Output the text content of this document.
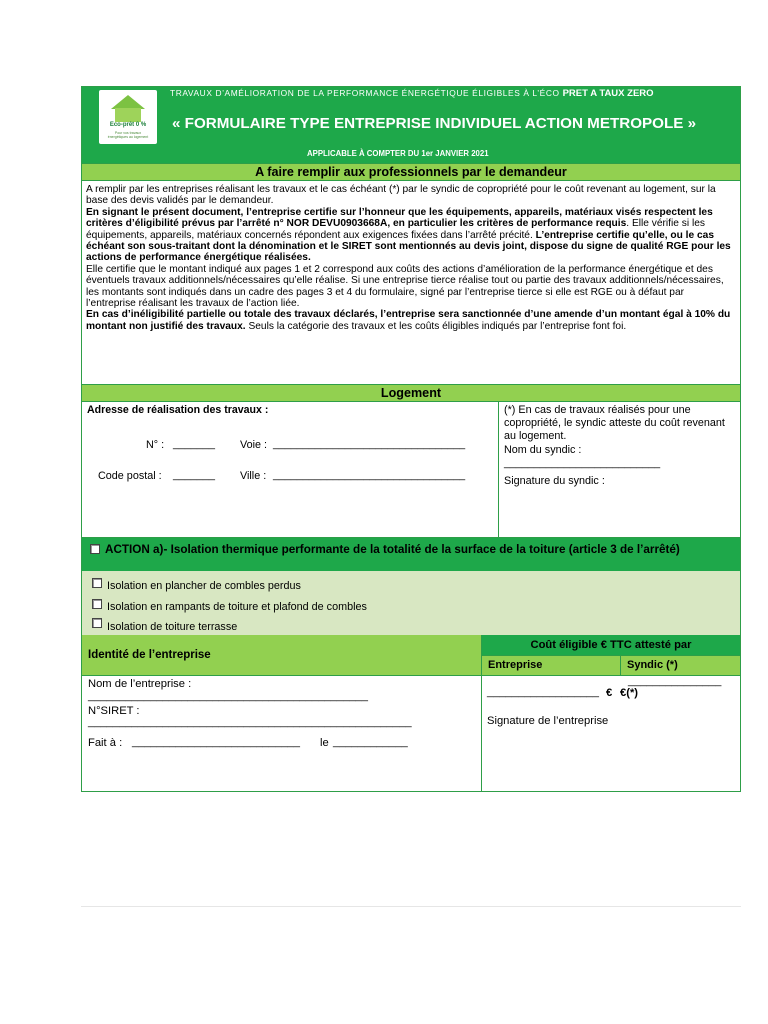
Eco-prêt 0 %
Pour vos travaux énergétiques au logement
TRAVAUX D’AMÉLIORATION DE LA PERFORMANCE ÉNERGÉTIQUE ÉLIGIBLES À L’ÉCO PRET A TAUX ZERO
« FORMULAIRE TYPE ENTREPRISE INDIVIDUEL ACTION METROPOLE »
APPLICABLE À COMPTER DU 1er JANVIER 2021
A faire remplir aux professionnels par le demandeur
A remplir par les entreprises réalisant les travaux et le cas échéant (*) par le syndic de copropriété pour le coût revenant au logement, sur la base des devis validés par le demandeur.
En signant le présent document, l’entreprise certifie sur l’honneur que les équipements, appareils, matériaux visés respectent les critères d’éligibilité prévus par l’arrêté n° NOR DEVU0903668A, en particulier les critères de performance requis. Elle vérifie si les équipements, appareils, matériaux concernés répondent aux exigences fixées dans l’arrêté précité. L’entreprise certifie qu’elle, ou le cas échéant son sous-traitant dont la dénomination et le SIRET sont mentionnés au devis joint, dispose du signe de qualité RGE pour les actions de performance énergétique réalisées.
Elle certifie que le montant indiqué aux pages 1 et 2 correspond aux coûts des actions d’amélioration de la performance énergétique et des éventuels travaux additionnels/nécessaires qu’elle réalise. Si une entreprise tierce réalise tout ou partie des travaux additionnels/nécessaires, les montants sont indiqués dans un cadre des pages 3 et 4 du formulaire, signé par l’entreprise tierce si elle est RGE ou à défaut par l’entreprise réalisant les travaux de l’action liée.
En cas d’inéligibilité partielle ou totale des travaux déclarés, l’entreprise sera sanctionnée d’une amende d’un montant égal à 10% du montant non justifié des travaux. Seuls la catégorie des travaux et les coûts éligibles indiqués par l’entreprise font foi.
Logement
Adresse de réalisation des travaux :
N° : _______ Voie : ________________________________
Code postal : _______ Ville : ________________________________
(*) En cas de travaux réalisés pour une copropriété, le syndic atteste du coût revenant au logement.
Nom du syndic :
__________________________
Signature du syndic :
ACTION a)- Isolation thermique performante de la totalité de la surface de la toiture (article 3 de l’arrêté)
Isolation en plancher de combles perdus
Isolation en rampants de toiture et plafond de combles
Isolation de toiture terrasse
Identité de l’entreprise
Coût éligible € TTC attesté par
Entreprise	Syndic (*)
Nom de l’entreprise :
_____________________________________________
N°SIRET :
____________________________________________________
Fait à : ___________________________ le ____________
__________________ € €(*)
_______________
Signature de l’entreprise
